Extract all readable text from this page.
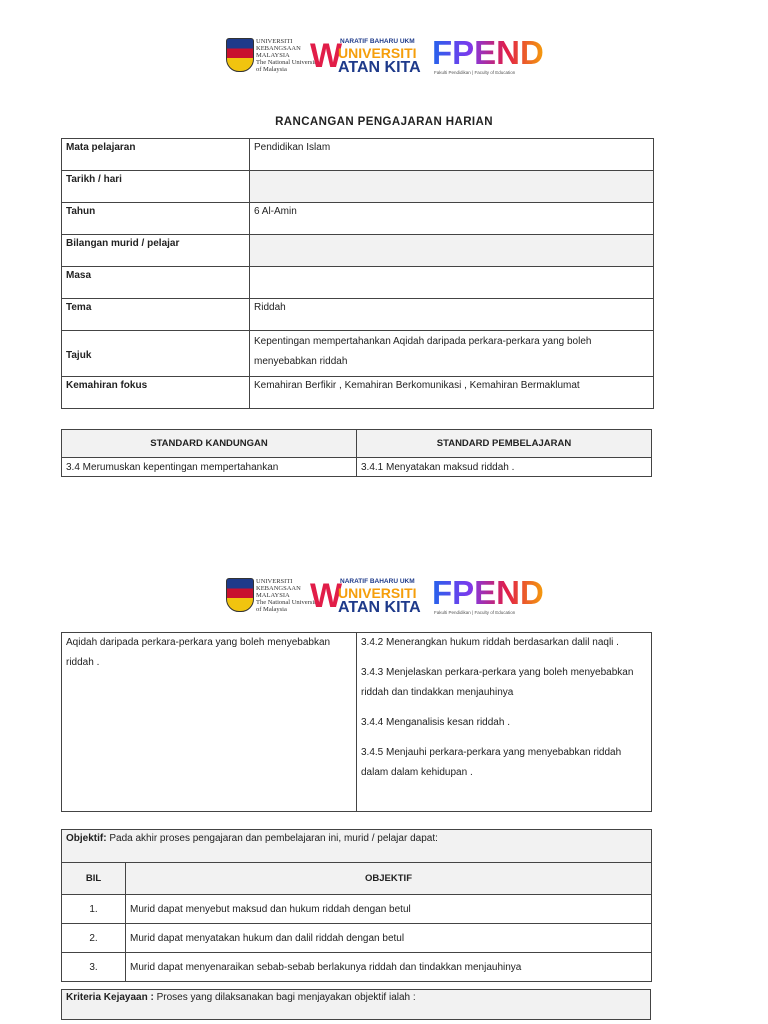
UNIVERSITI
KEBANGSAAN
MALAYSIA
The National University
of Malaysia W
NARATIF BAHARU UKM
UNIVERSITI
ATAN KITA FPEND
Fakulti Pendidikan | Faculty of Education
RANCANGAN PENGAJARAN HARIAN
Mata pelajaran	Pendidikan Islam
Tarikh / hari	
Tahun	6 Al-Amin
Bilangan murid / pelajar	
Masa	
Tema	Riddah
Tajuk	Kepentingan mempertahankan Aqidah daripada perkara-perkara yang boleh menyebabkan riddah
Kemahiran fokus	Kemahiran Berfikir , Kemahiran Berkomunikasi , Kemahiran Bermaklumat
STANDARD KANDUNGAN	STANDARD PEMBELAJARAN
3.4 Merumuskan kepentingan mempertahankan	3.4.1 Menyatakan maksud riddah .
UNIVERSITI
KEBANGSAAN
MALAYSIA
The National University
of Malaysia W
NARATIF BAHARU UKM
UNIVERSITI
ATAN KITA FPEND
Fakulti Pendidikan | Faculty of Education
Aqidah daripada perkara-perkara yang boleh menyebabkan riddah .	

3.4.2 Menerangkan hukum riddah berdasarkan dalil naqli .

3.4.3 Menjelaskan perkara-perkara yang boleh menyebabkan riddah dan tindakkan menjauhinya

3.4.4 Menganalisis kesan riddah .

3.4.5 Menjauhi perkara-perkara yang menyebabkan riddah dalam dalam kehidupan .

Objektif: Pada akhir proses pengajaran dan pembelajaran ini, murid / pelajar dapat:	
BIL	OBJEKTIF
1.	Murid dapat menyebut maksud dan hukum riddah dengan betul
2.	Murid dapat menyatakan hukum dan dalil riddah dengan betul
3.	Murid dapat menyenaraikan sebab-sebab berlakunya riddah dan tindakkan menjauhinya
Kriteria Kejayaan : Proses yang dilaksanakan bagi menjayakan objektif ialah :
